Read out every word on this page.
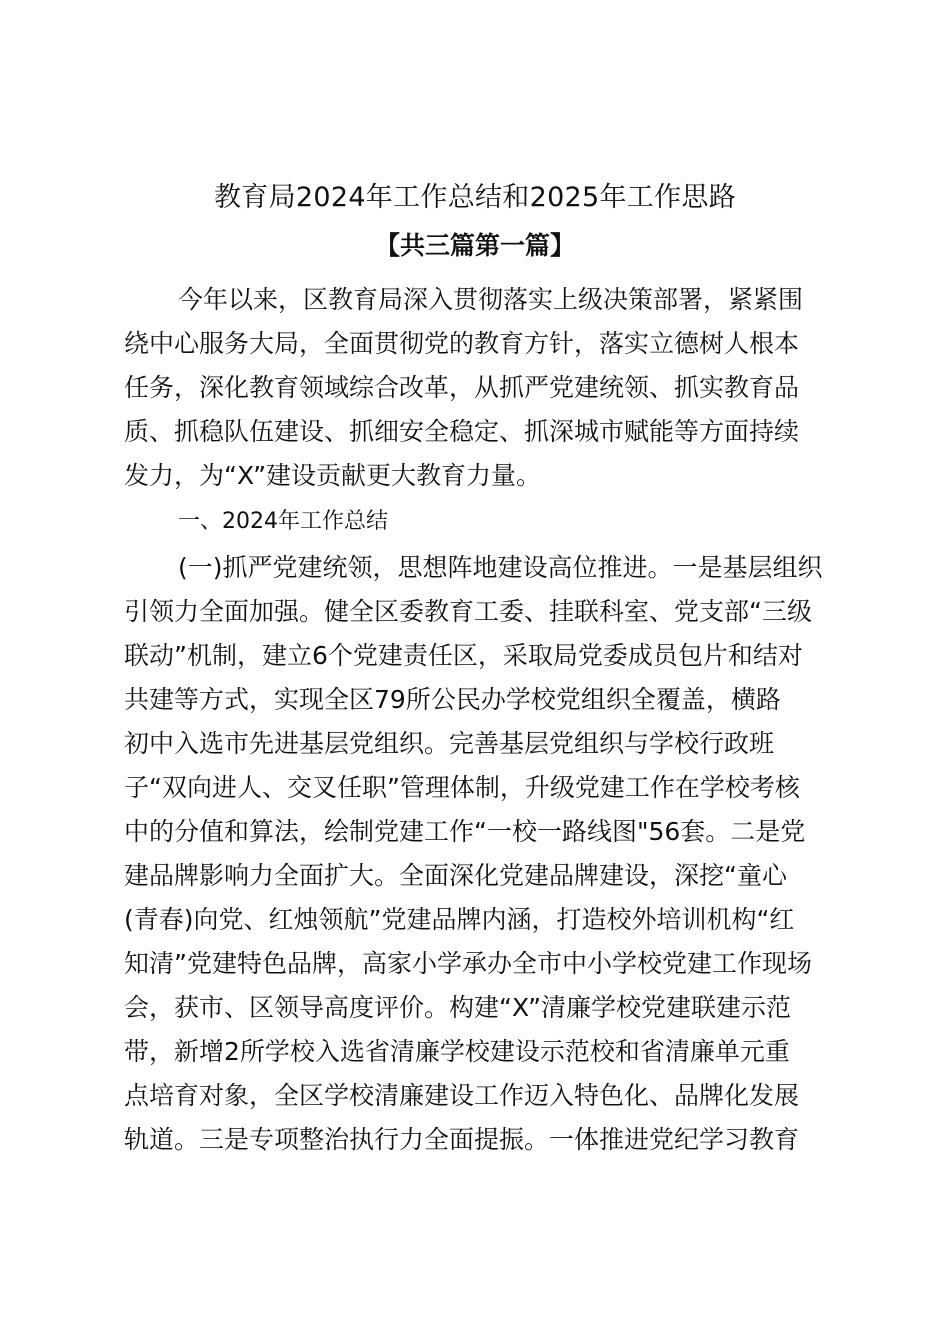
教育局2024年工作总结和2025年工作思路
【共三篇第一篇】
今年以来，区教育局深入贯彻落实上级决策部署，紧紧围
绕中心服务大局，全面贯彻党的教育方针，落实立德树人根本
任务，深化教育领域综合改革，从抓严党建统领、抓实教育品
质、抓稳队伍建设、抓细安全稳定、抓深城市赋能等方面持续
发力，为“X”建设贡献更大教育力量。
一、2024年工作总结
(一)抓严党建统领，思想阵地建设高位推进。一是基层组织
引领力全面加强。健全区委教育工委、挂联科室、党支部“三级
联动”机制，建立6个党建责任区，采取局党委成员包片和结对
共建等方式，实现全区79所公民办学校党组织全覆盖，横路
初中入选市先进基层党组织。完善基层党组织与学校行政班
子“双向进人、交叉任职”管理体制，升级党建工作在学校考核
中的分值和算法，绘制党建工作“一校一路线图"56套。二是党
建品牌影响力全面扩大。全面深化党建品牌建设，深挖“童心
(青春)向党、红烛领航”党建品牌内涵，打造校外培训机构“红
知清”党建特色品牌，高家小学承办全市中小学校党建工作现场
会，获市、区领导高度评价。构建“X”清廉学校党建联建示范
带，新增2所学校入选省清廉学校建设示范校和省清廉单元重
点培育对象，全区学校清廉建设工作迈入特色化、品牌化发展
轨道。三是专项整治执行力全面提振。一体推进党纪学习教育
